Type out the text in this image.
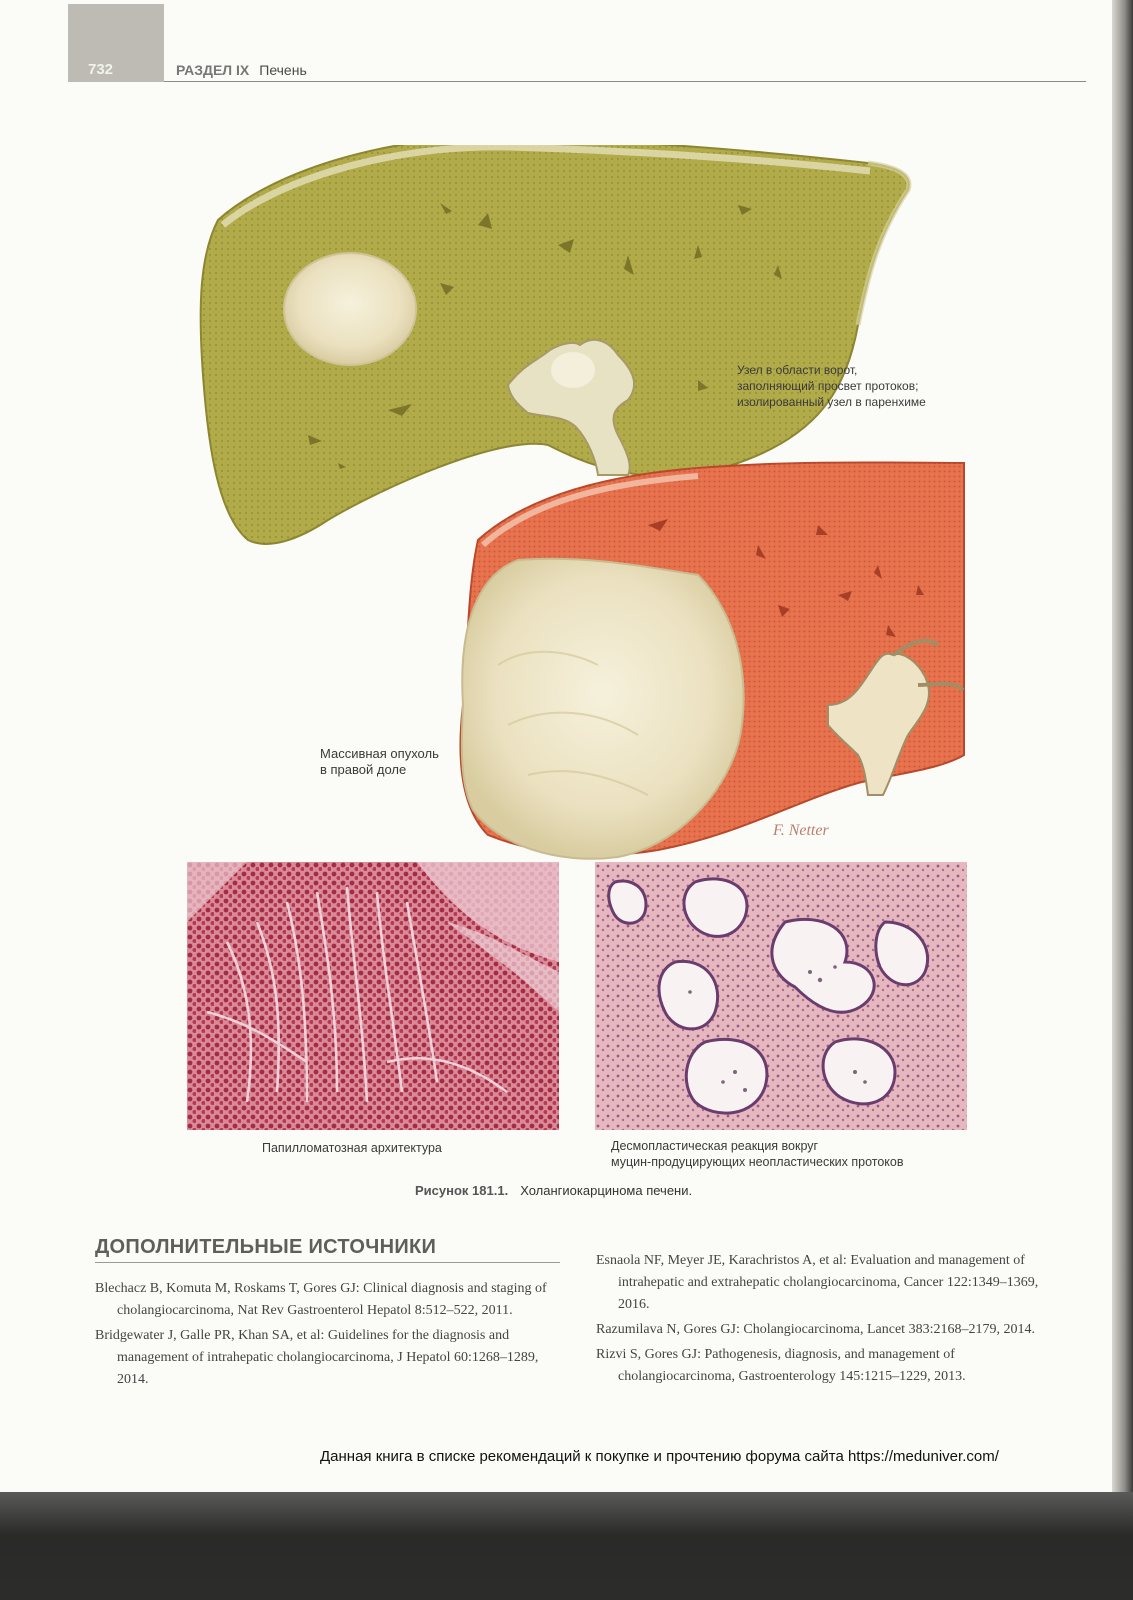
732	РАЗДЕЛ IX Печень
F. Netter
Узел в области ворот,
заполняющий просвет протоков;
изолированный узел в паренхиме
Массивная опухоль
в правой доле
Папилломатозная архитектура	Десмопластическая реакция вокруг
муцин-продуцирующих неопластических протоков
Рисунок 181.1. Холангиокарцинома печени.
ДОПОЛНИТЕЛЬНЫЕ ИСТОЧНИКИ
Blechacz B, Komuta M, Roskams T, Gores GJ: Clinical diagnosis and staging of cholangiocarcinoma, Nat Rev Gastroenterol Hepatol 8:512–522, 2011.
Bridgewater J, Galle PR, Khan SA, et al: Guidelines for the diagnosis and management of intrahepatic cholangiocarcinoma, J Hepatol 60:1268–1289, 2014.
Esnaola NF, Meyer JE, Karachristos A, et al: Evaluation and management of intrahepatic and extrahepatic cholangiocarcinoma, Cancer 122:1349–1369, 2016.
Razumilava N, Gores GJ: Cholangiocarcinoma, Lancet 383:2168–2179, 2014.
Rizvi S, Gores GJ: Pathogenesis, diagnosis, and management of cholangiocarcinoma, Gastroenterology 145:1215–1229, 2013.
Данная книга в списке рекомендаций к покупке и прочтению форума сайта https://meduniver.com/
